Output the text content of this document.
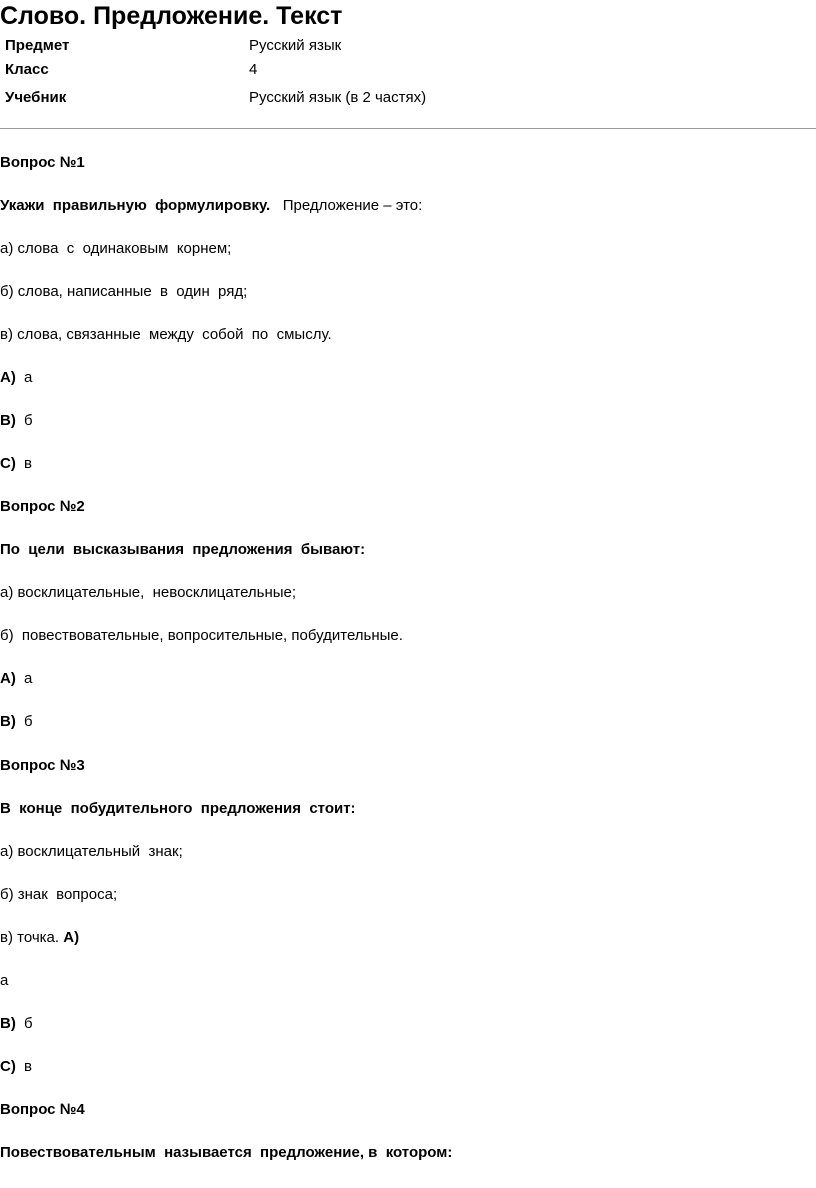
Слово. Предложение. Текст
Предмет	Русский язык
Класс	4
Учебник	Русский язык (в 2 частях)
Вопрос №1
Укажи  правильную  формулировку.   Предложение – это:
а) слова  с  одинаковым  корнем;
б) слова, написанные  в  один  ряд;
в) слова, связанные  между  собой  по  смыслу.
A) а
B) б
C) в
Вопрос №2
По  цели  высказывания  предложения  бывают:
а) восклицательные,  невосклицательные;
б)  повествовательные, вопросительные, побудительные.
A) а
B) б
Вопрос №3
В  конце  побудительного  предложения  стоит:
а) восклицательный  знак;
б) знак  вопроса;
в) точка. A)
а
B) б
C) в
Вопрос №4
Повествовательным  называется  предложение, в  котором:
